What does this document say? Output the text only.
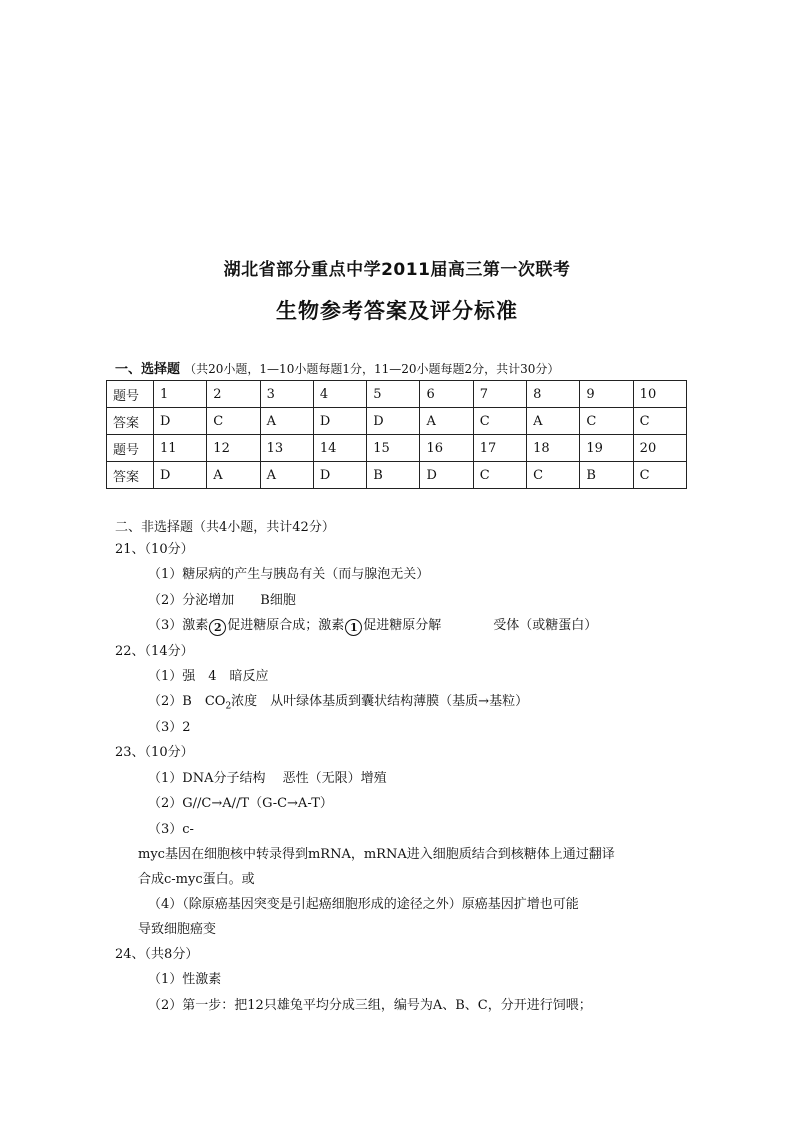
湖北省部分重点中学2011届高三第一次联考
生物参考答案及评分标准
一、选择题 （共20小题，1—10小题每题1分，11—20小题每题2分，共计30分）
题号	1	2	3	4	5	6	7	8	9	10
答案	D	C	A	D	D	A	C	A	C	C
题号	11	12	13	14	15	16	17	18	19	20
答案	D	A	A	D	B	D	C	C	B	C
二、非选择题（共4小题，共计42分）
21、（10分）
（1）糖尿病的产生与胰岛有关（而与腺泡无关）
（2）分泌增加　　B细胞
（3）激素 2 促进糖原合成；激素 1 促进糖原分解　　　　受体（或糖蛋白）
22、（14分）
（1）强　4　暗反应
（2）B　$CO_2$浓度　从叶绿体基质到囊状结构薄膜（基质→基粒）
（3）2
23、（10分）
（1）DNA分子结构　 恶性（无限）增殖
（2）G//C→A//T（G-C→A-T）
（3）c-
myc基因在细胞核中转录得到mRNA，mRNA进入细胞质结合到核糖体上通过翻译
合成c-myc蛋白。或
（4）（除原癌基因突变是引起癌细胞形成的途径之外）原癌基因扩增也可能
导致细胞癌变
24、（共8分）
（1）性激素
（2）第一步：把12只雄兔平均分成三组，编号为A、B、C，分开进行饲喂；
